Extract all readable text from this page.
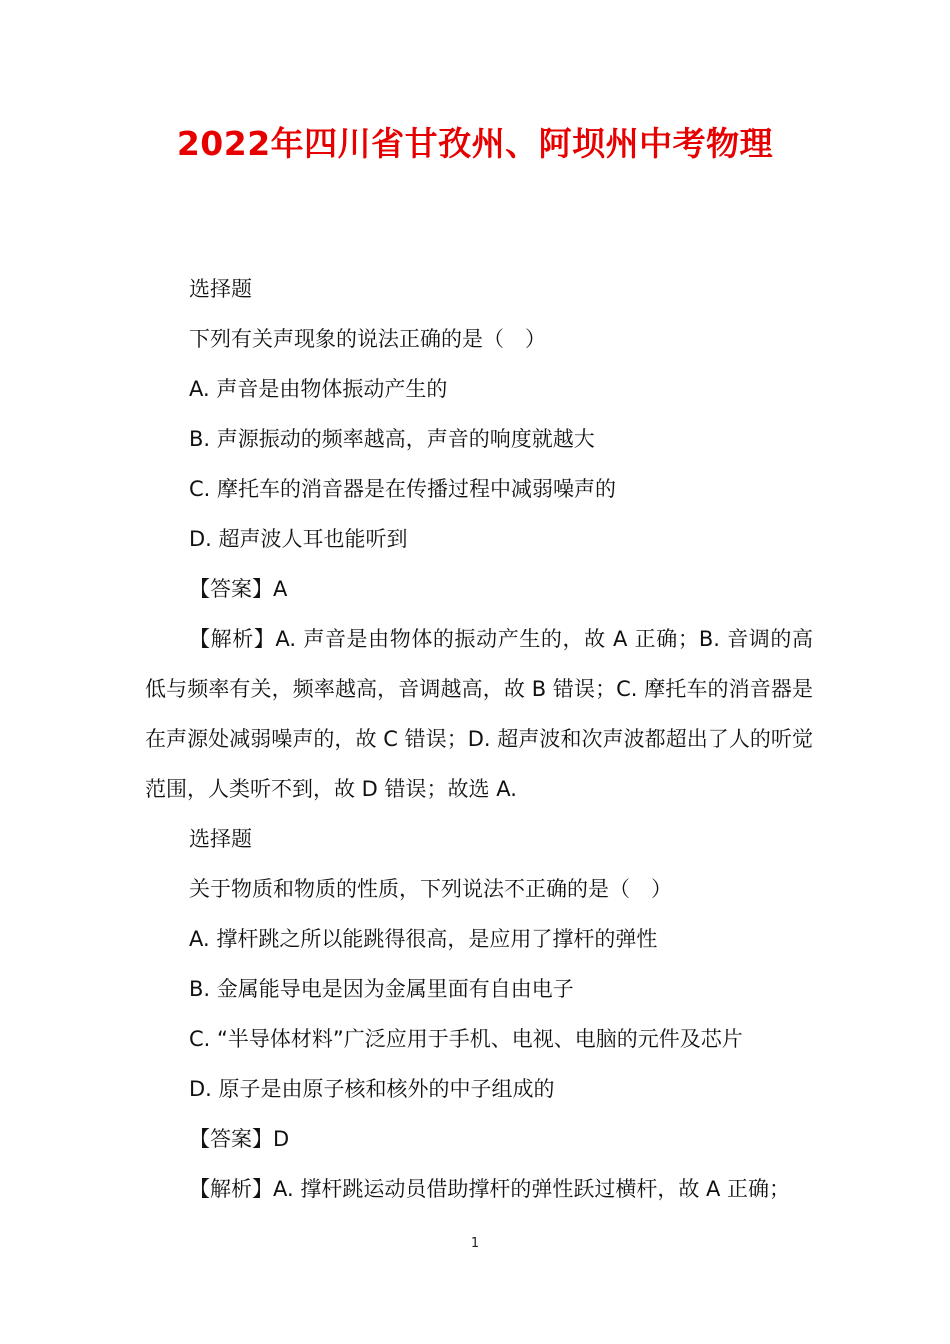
2022年四川省甘孜州、阿坝州中考物理
选择题
下列有关声现象的说法正确的是（　）
A. 声音是由物体振动产生的
B. 声源振动的频率越高，声音的响度就越大
C. 摩托车的消音器是在传播过程中减弱噪声的
D. 超声波人耳也能听到
【答案】A
【解析】A. 声音是由物体的振动产生的，故 A 正确；B. 音调的高低与频率有关，频率越高，音调越高，故 B 错误；C. 摩托车的消音器是在声源处减弱噪声的，故 C 错误；D. 超声波和次声波都超出了人的听觉范围，人类听不到，故 D 错误；故选 A.
选择题
关于物质和物质的性质，下列说法不正确的是（　）
A. 撑杆跳之所以能跳得很高，是应用了撑杆的弹性
B. 金属能导电是因为金属里面有自由电子
C. “半导体材料”广泛应用于手机、电视、电脑的元件及芯片
D. 原子是由原子核和核外的中子组成的
【答案】D
【解析】A. 撑杆跳运动员借助撑杆的弹性跃过横杆，故 A 正确；
1
